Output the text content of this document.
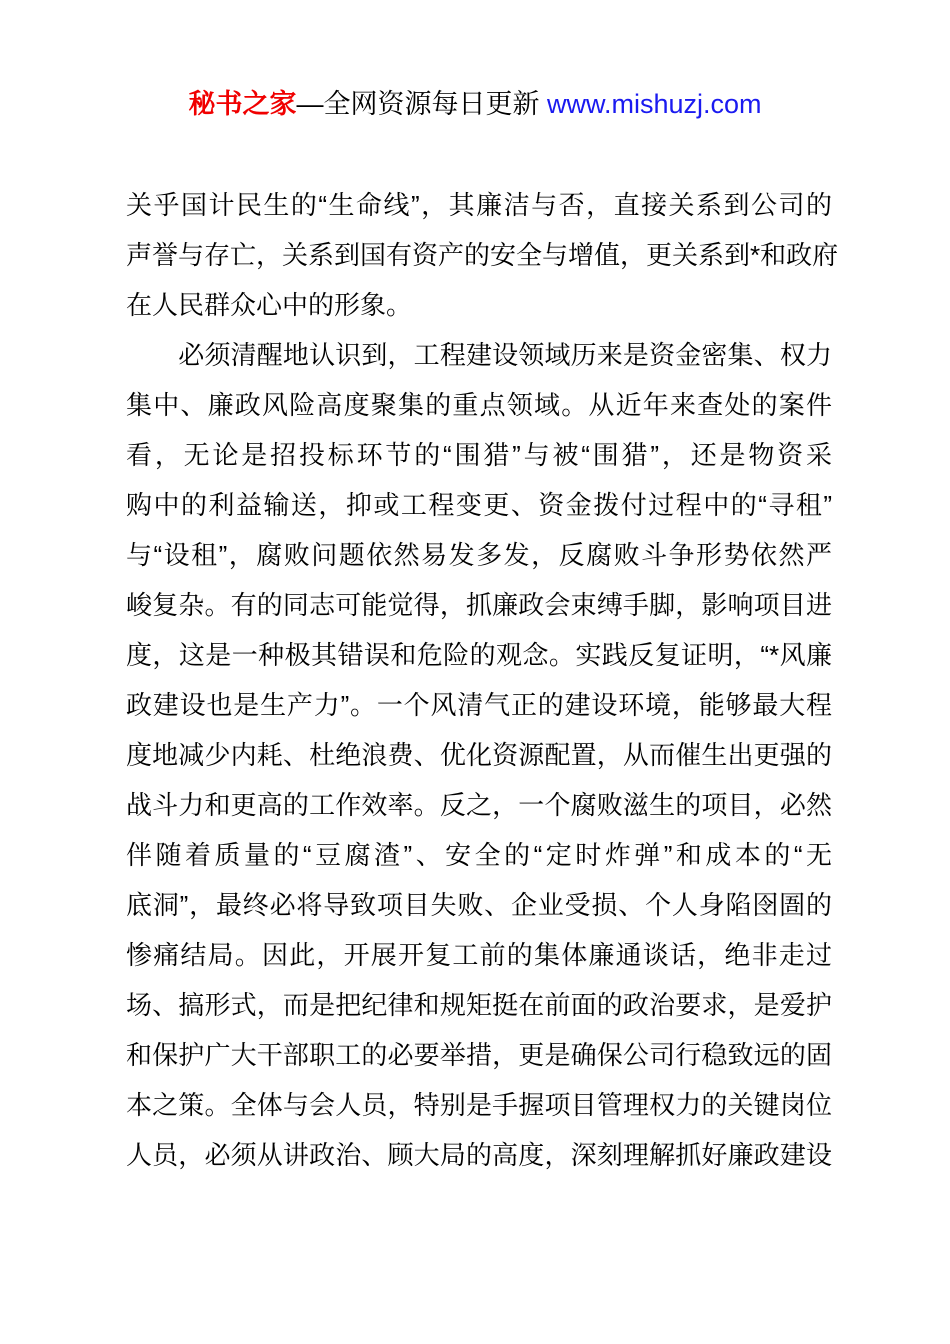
秘书之家—全网资源每日更新 www.mishuzj.com
关乎国计民生的“生命线”，其廉洁与否，直接关系到公司的
声誉与存亡，关系到国有资产的安全与增值，更关系到*和政府
在人民群众心中的形象。
　　必须清醒地认识到，工程建设领域历来是资金密集、权力
集中、廉政风险高度聚集的重点领域。从近年来查处的案件
看，无论是招投标环节的“围猎”与被“围猎”，还是物资采
购中的利益输送，抑或工程变更、资金拨付过程中的“寻租”
与“设租”，腐败问题依然易发多发，反腐败斗争形势依然严
峻复杂。有的同志可能觉得，抓廉政会束缚手脚，影响项目进
度，这是一种极其错误和危险的观念。实践反复证明，“*风廉
政建设也是生产力”。一个风清气正的建设环境，能够最大程
度地减少内耗、杜绝浪费、优化资源配置，从而催生出更强的
战斗力和更高的工作效率。反之，一个腐败滋生的项目，必然
伴随着质量的“豆腐渣”、安全的“定时炸弹”和成本的“无
底洞”，最终必将导致项目失败、企业受损、个人身陷囹圄的
惨痛结局。因此，开展开复工前的集体廉通谈话，绝非走过
场、搞形式，而是把纪律和规矩挺在前面的政治要求，是爱护
和保护广大干部职工的必要举措，更是确保公司行稳致远的固
本之策。全体与会人员，特别是手握项目管理权力的关键岗位
人员，必须从讲政治、顾大局的高度，深刻理解抓好廉政建设
